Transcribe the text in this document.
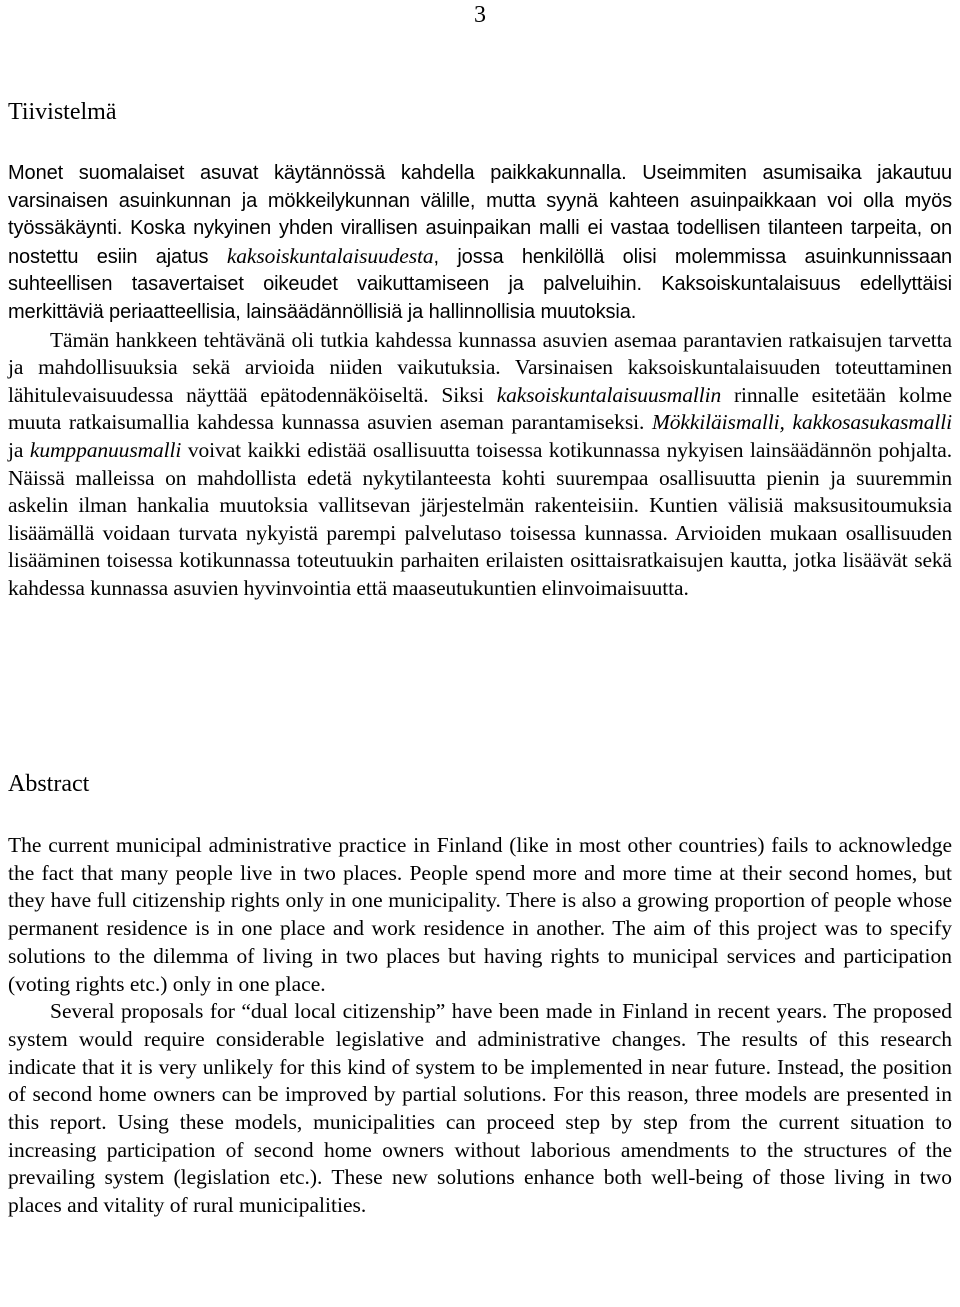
3
Tiivistelmä

Monet suomalaiset asuvat käytännössä kahdella paikkakunnalla. Useimmiten asumisaika jakautuu varsinaisen asuinkunnan ja mökkeilykunnan välille, mutta syynä kahteen asuinpaikkaan voi olla myös työssäkäynti. Koska nykyinen yhden virallisen asuinpaikan malli ei vastaa todellisen tilanteen tarpeita, on nostettu esiin ajatus kaksoiskuntalaisuudesta, jossa henkilöllä olisi molemmissa asuinkunnissaan suhteellisen tasavertaiset oikeudet vaikuttamiseen ja palveluihin. Kaksoiskuntalaisuus edellyttäisi merkittäviä periaatteellisia, lainsäädännöllisiä ja hallinnollisia muutoksia.

Tämän hankkeen tehtävänä oli tutkia kahdessa kunnassa asuvien asemaa parantavien ratkaisujen tarvetta ja mahdollisuuksia sekä arvioida niiden vaikutuksia. Varsinaisen kaksoiskuntalaisuuden toteuttaminen lähitulevaisuudessa näyttää epätodennäköiseltä. Siksi kaksoiskuntalaisuusmallin rinnalle esitetään kolme muuta ratkaisumallia kahdessa kunnassa asuvien aseman parantamiseksi. Mökkiläismalli, kakkosasukasmalli ja kumppanuusmalli voivat kaikki edistää osallisuutta toisessa kotikunnassa nykyisen lainsäädännön pohjalta. Näissä malleissa on mahdollista edetä nykytilanteesta kohti suurempaa osallisuutta pienin ja suuremmin askelin ilman hankalia muutoksia vallitsevan järjestelmän rakenteisiin. Kuntien välisiä maksusitoumuksia lisäämällä voidaan turvata nykyistä parempi palvelutaso toisessa kunnassa. Arvioiden mukaan osallisuuden lisääminen toisessa kotikunnassa toteutuukin parhaiten erilaisten osittaisratkaisujen kautta, jotka lisäävät sekä kahdessa kunnassa asuvien hyvinvointia että maaseutukuntien elinvoimaisuutta.

Abstract

The current municipal administrative practice in Finland (like in most other countries) fails to acknowledge the fact that many people live in two places. People spend more and more time at their second homes, but they have full citizenship rights only in one municipality. There is also a growing proportion of people whose permanent residence is in one place and work residence in another. The aim of this project was to specify solutions to the dilemma of living in two places but having rights to municipal services and participation (voting rights etc.) only in one place.

Several proposals for “dual local citizenship” have been made in Finland in recent years. The proposed system would require considerable legislative and administrative changes. The results of this research indicate that it is very unlikely for this kind of system to be implemented in near future. Instead, the position of second home owners can be improved by partial solutions. For this reason, three models are presented in this report. Using these models, municipalities can proceed step by step from the current situation to increasing participation of second home owners without laborious amendments to the structures of the prevailing system (legislation etc.). These new solutions enhance both well-being of those living in two places and vitality of rural municipalities.
